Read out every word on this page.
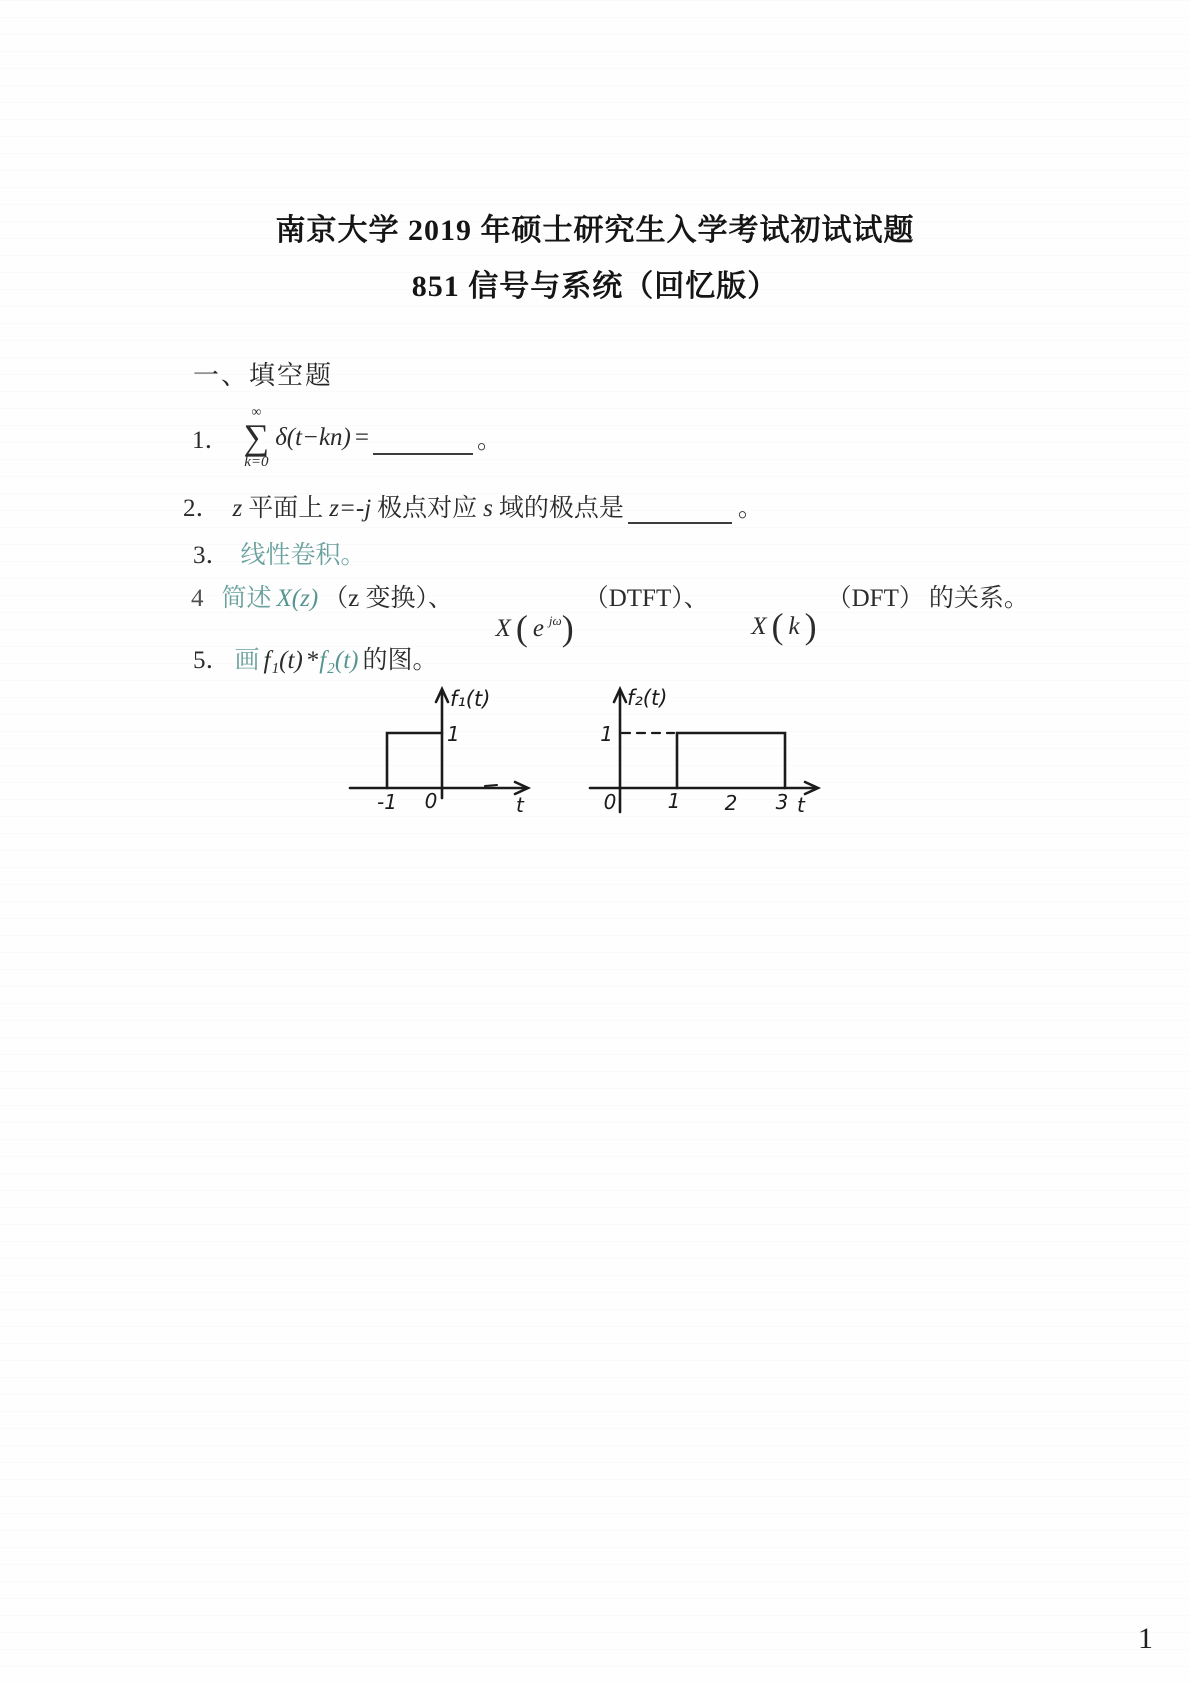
南京大学 2019 年硕士研究生入学考试初试试题
851 信号与系统（回忆版）
一、填空题
1．
∞
∑
k=0
δ(t−kn) =	。
2． z 平面上 z=-j 极点对应 s 域的极点是	。
3． 线性卷积。
4 简述 X(z) （z 变换）、

X ( e $^{j\omega}$)

（DTFT）、

X ( k )

（DFT） 的关系。
5． 画 f₁(t) * f₂(t) 的图。
f₁(t)
1
-1 0	t
f₂(t)
1
0	1 2 3 t
1
